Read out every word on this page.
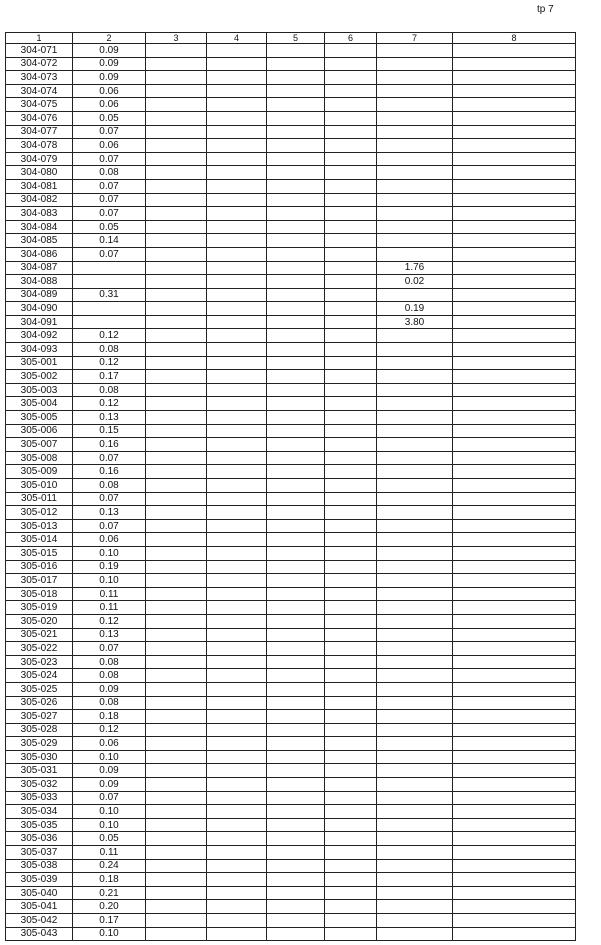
tp 7
1	2	3	4	5	6	7	8
304-071	0.09						
304-072	0.09						
304-073	0.09						
304-074	0.06						
304-075	0.06						
304-076	0.05						
304-077	0.07						
304-078	0.06						
304-079	0.07						
304-080	0.08						
304-081	0.07						
304-082	0.07						
304-083	0.07						
304-084	0.05						
304-085	0.14						
304-086	0.07						
304-087						1.76	
304-088						0.02	
304-089	0.31						
304-090						0.19	
304-091						3.80	
304-092	0.12						
304-093	0.08						
305-001	0.12						
305-002	0.17						
305-003	0.08						
305-004	0.12						
305-005	0.13						
305-006	0.15						
305-007	0.16						
305-008	0.07						
305-009	0.16						
305-010	0.08						
305-011	0.07						
305-012	0.13						
305-013	0.07						
305-014	0.06						
305-015	0.10						
305-016	0.19						
305-017	0.10						
305-018	0.11						
305-019	0.11						
305-020	0.12						
305-021	0.13						
305-022	0.07						
305-023	0.08						
305-024	0.08						
305-025	0.09						
305-026	0.08						
305-027	0.18						
305-028	0.12						
305-029	0.06						
305-030	0.10						
305-031	0.09						
305-032	0.09						
305-033	0.07						
305-034	0.10						
305-035	0.10						
305-036	0.05						
305-037	0.11						
305-038	0.24						
305-039	0.18						
305-040	0.21						
305-041	0.20						
305-042	0.17						
305-043	0.10						
